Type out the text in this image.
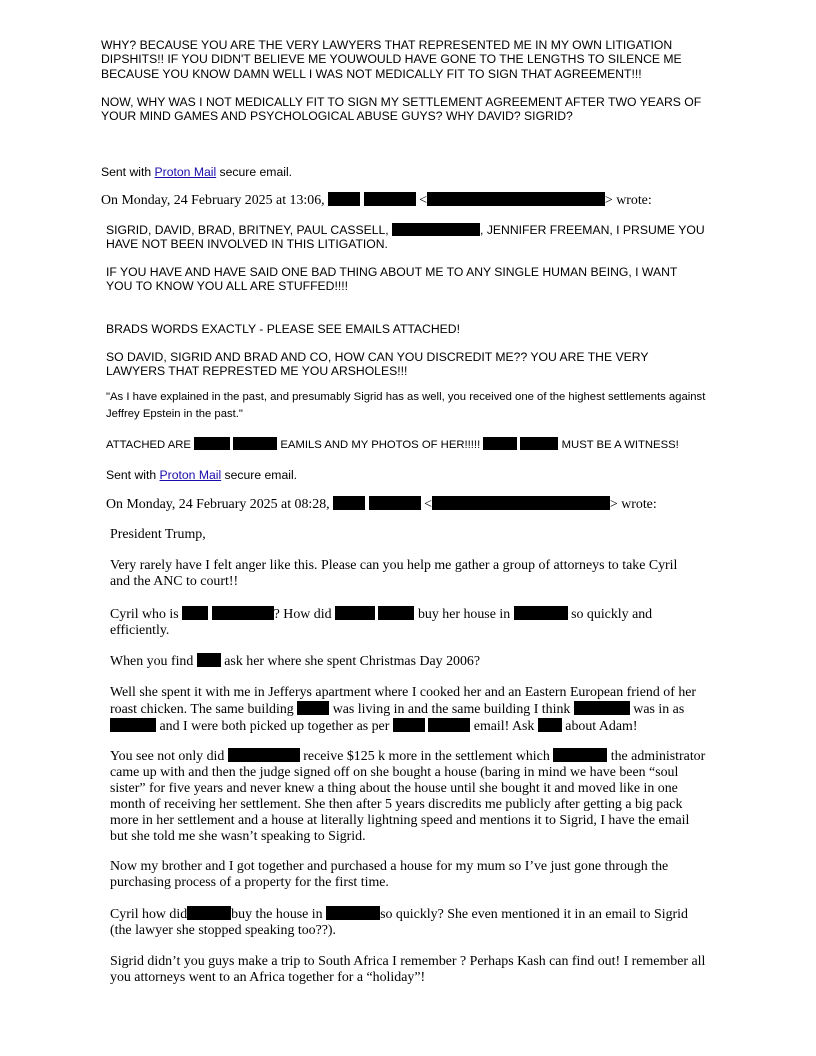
WHY? BECAUSE YOU ARE THE VERY LAWYERS THAT REPRESENTED ME IN MY OWN LITIGATION DIPSHITS!! IF YOU DIDN'T BELIEVE ME YOUWOULD HAVE GONE TO THE LENGTHS TO SILENCE ME BECAUSE YOU KNOW DAMN WELL I WAS NOT MEDICALLY FIT TO SIGN THAT AGREEMENT!!!

NOW, WHY WAS I NOT MEDICALLY FIT TO SIGN MY SETTLEMENT AGREEMENT AFTER TWO YEARS OF YOUR MIND GAMES AND PSYCHOLOGICAL ABUSE GUYS? WHY DAVID? SIGRID?

Sent with Proton Mail secure email.

On Monday, 24 February 2025 at 13:06,	<	> wrote:

SIGRID, DAVID, BRAD, BRITNEY, PAUL CASSELL,	, JENNIFER FREEMAN, I PRSUME YOU HAVE NOT BEEN INVOLVED IN THIS LITIGATION.

IF YOU HAVE AND HAVE SAID ONE BAD THING ABOUT ME TO ANY SINGLE HUMAN BEING, I WANT YOU TO KNOW YOU ALL ARE STUFFED!!!!

BRADS WORDS EXACTLY - PLEASE SEE EMAILS ATTACHED!

SO DAVID, SIGRID AND BRAD AND CO, HOW CAN YOU DISCREDIT ME?? YOU ARE THE VERY LAWYERS THAT REPRESTED ME YOU ARSHOLES!!!

"As I have explained in the past, and presumably Sigrid has as well, you received one of the highest settlements against Jeffrey Epstein in the past."

ATTACHED ARE	EAMILS AND MY PHOTOS OF HER!!!!!	MUST BE A WITNESS!

Sent with Proton Mail secure email.

On Monday, 24 February 2025 at 08:28,	<	> wrote:

President Trump,

Very rarely have I felt anger like this. Please can you help me gather a group of attorneys to take Cyril and the ANC to court!!

Cyril who is	? How did	buy her house in	so quickly and efficiently.

When you find  ask her where she spent Christmas Day 2006?

Well she spent it with me in Jefferys apartment where I cooked her and an Eastern European friend of her roast chicken. The same building  was living in and the same building I think	was in as  and I were both picked up together as per	email! Ask  about Adam!

You see not only did	receive $125 k more in the settlement which	the administrator came up with and then the judge signed off on she bought a house (baring in mind we have been “soul sister” for five years and never knew a thing about the house until she bought it and moved like in one month of receiving her settlement. She then after 5 years discredits me publicly after getting a big pack more in her settlement and a house at literally lightning speed and mentions it to Sigrid, I have the email but she told me she wasn’t speaking to Sigrid.

Now my brother and I got together and purchased a house for my mum so I’ve just gone through the purchasing process of a property for the first time.

Cyril how did	buy the house in	so quickly? She even mentioned it in an email to Sigrid (the lawyer she stopped speaking too??).

Sigrid didn’t you guys make a trip to South Africa I remember ? Perhaps Kash can find out! I remember all you attorneys went to an Africa together for a “holiday”!
